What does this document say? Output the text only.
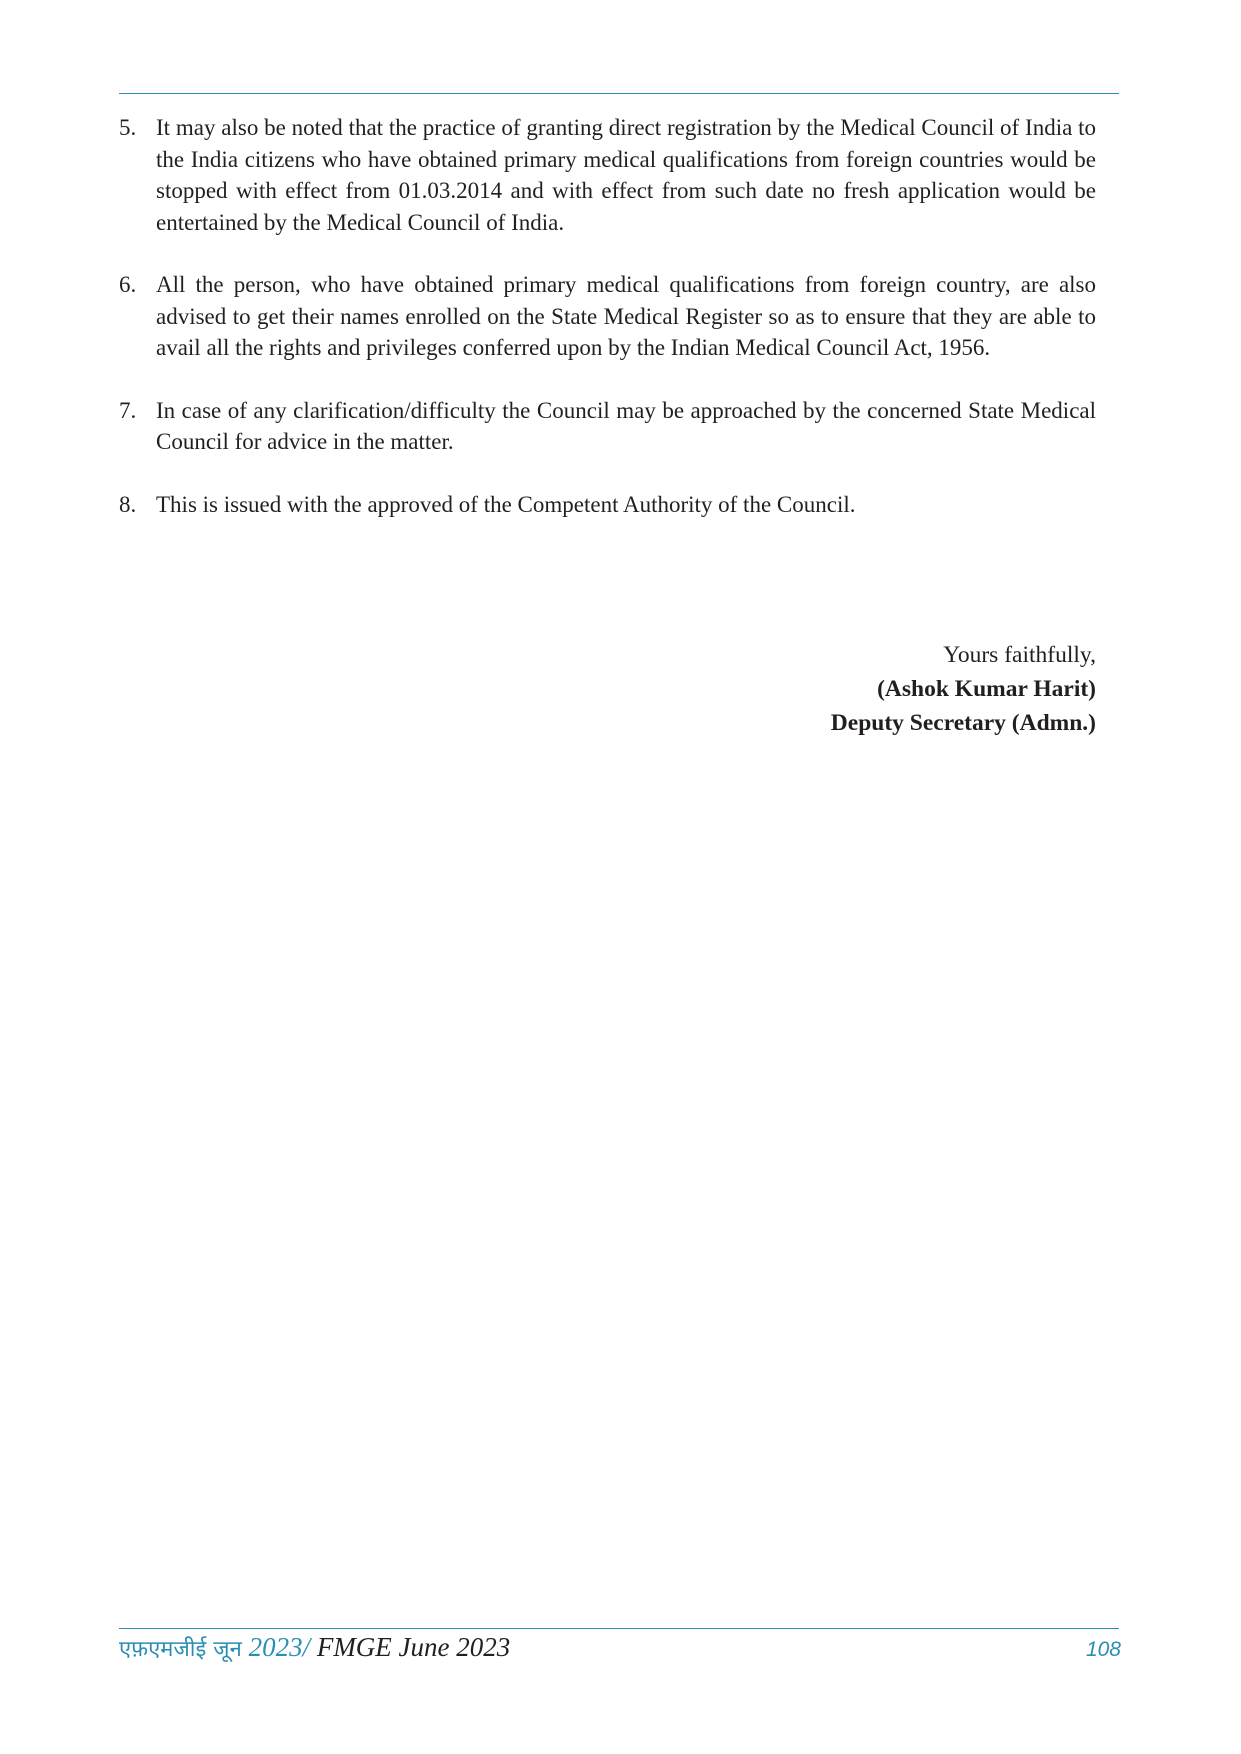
5. It may also be noted that the practice of granting direct registration by the Medical Council of India to the India citizens who have obtained primary medical qualifications from foreign countries would be stopped with effect from 01.03.2014 and with effect from such date no fresh application would be entertained by the Medical Council of India.
6. All the person, who have obtained primary medical qualifications from foreign country, are also advised to get their names enrolled on the State Medical Register so as to ensure that they are able to avail all the rights and privileges conferred upon by the Indian Medical Council Act, 1956.
7. In case of any clarification/difficulty the Council may be approached by the concerned State Medical Council for advice in the matter.
8. This is issued with the approved of the Competent Authority of the Council.
Yours faithfully,
(Ashok Kumar Harit)
Deputy Secretary (Admn.)
एफ़एमजीई जून 2023/ FMGE June 2023	108
